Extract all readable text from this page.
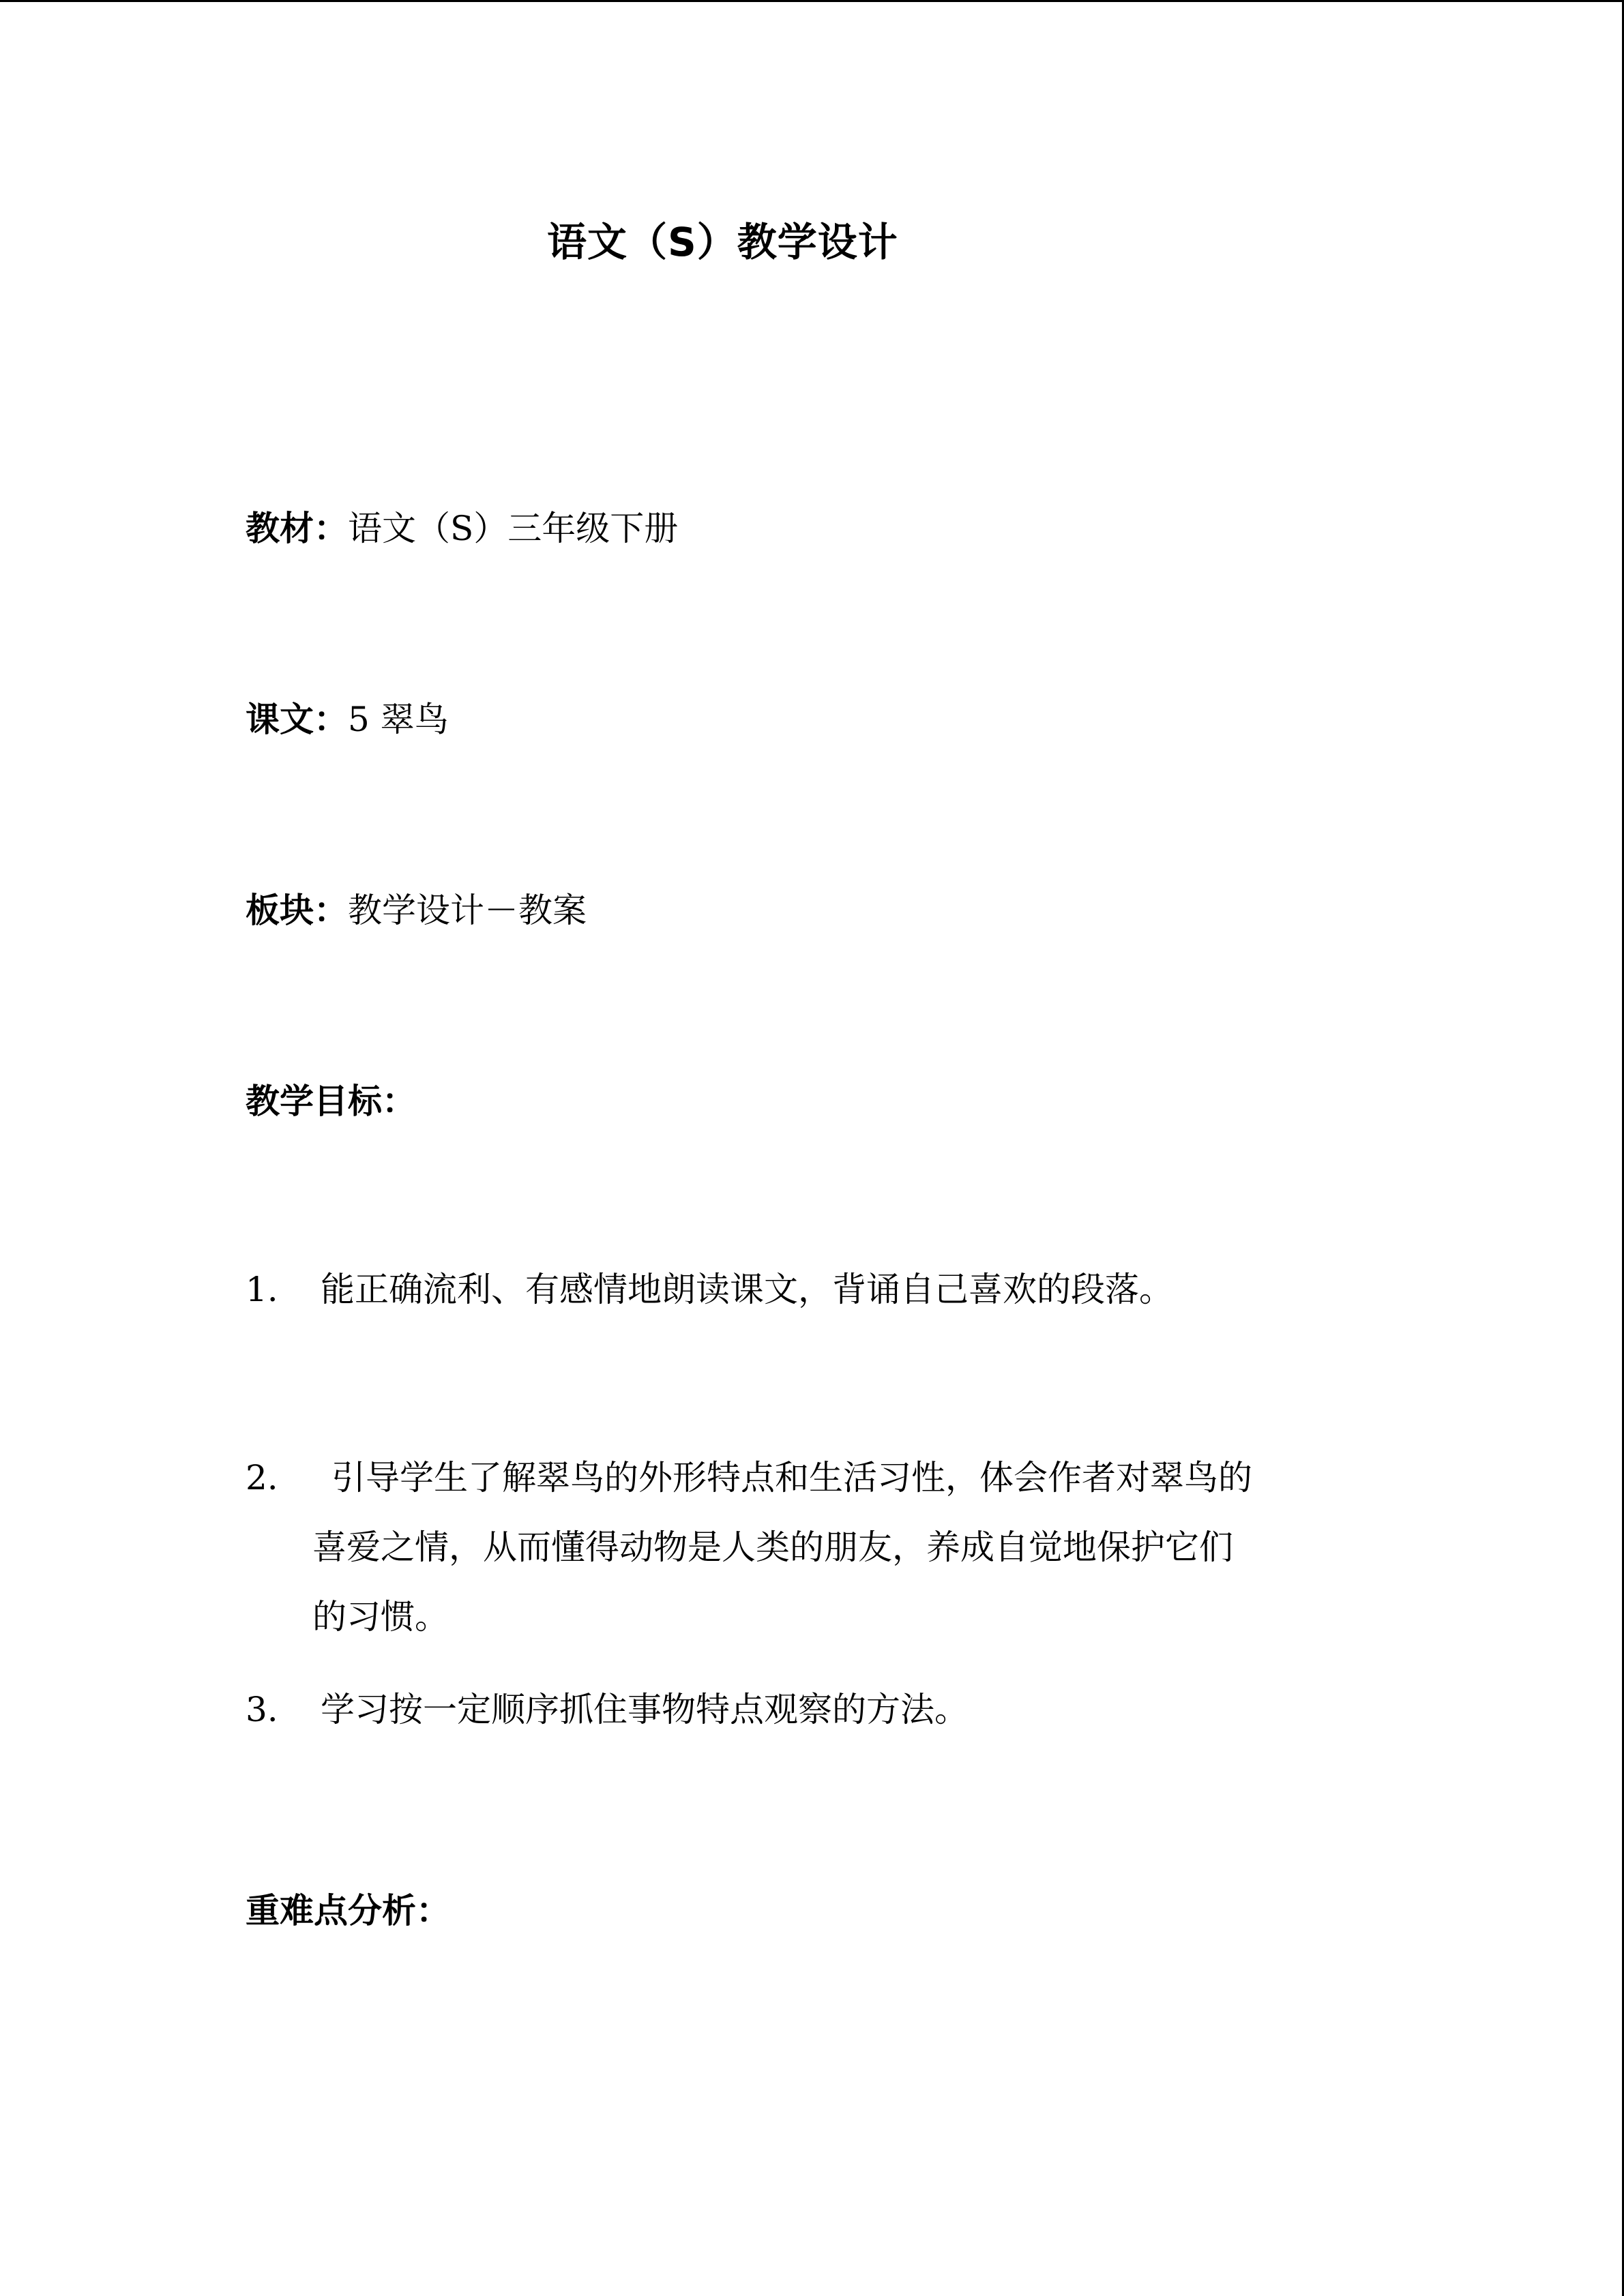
语文（S）教学设计
教材：语文（S）三年级下册
课文：5 翠鸟
板块：教学设计－教案
教学目标：
1. 能正确流利、有感情地朗读课文，背诵自己喜欢的段落。
2. 引导学生了解翠鸟的外形特点和生活习性，体会作者对翠鸟的
喜爱之情，从而懂得动物是人类的朋友，养成自觉地保护它们
的习惯。
3. 学习按一定顺序抓住事物特点观察的方法。
重难点分析：
